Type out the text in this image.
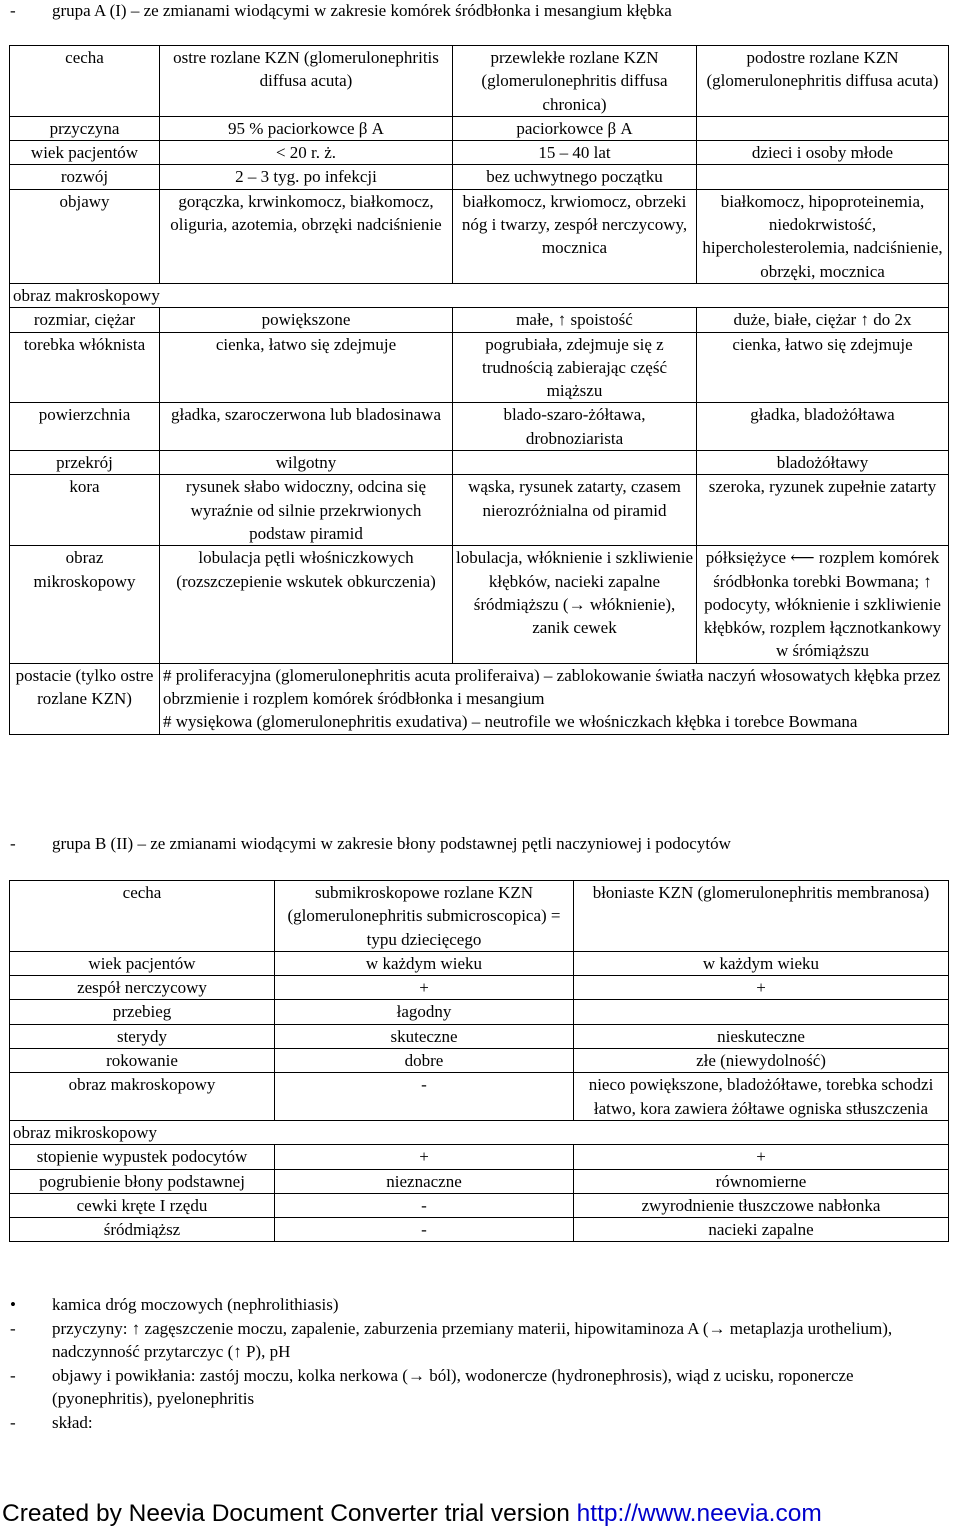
- grupa A (I) – ze zmianami wiodącymi w zakresie komórek śródbłonka i mesangium kłębka
cecha	ostre rozlane KZN (glomerulonephritis diffusa acuta)	przewlekłe rozlane KZN (glomerulonephritis diffusa chronica)	podostre rozlane KZN (glomerulonephritis diffusa acuta)
przyczyna	95 % paciorkowce β A	paciorkowce β A	
wiek pacjentów	< 20 r. ż.	15 – 40 lat	dzieci i osoby młode
rozwój	2 – 3 tyg. po infekcji	bez uchwytnego początku	
objawy	gorączka, krwinkomocz, białkomocz, oliguria, azotemia, obrzęki nadciśnienie	białkomocz, krwiomocz, obrzeki nóg i twarzy, zespół nerczycowy, mocznica	białkomocz, hipoproteinemia, niedokrwistość, hipercholesterolemia, nadciśnienie, obrzęki, mocznica
obraz makroskopowy			
rozmiar, ciężar	powiększone	małe, ↑ spoistość	duże, białe, ciężar ↑ do 2x
torebka włóknista	cienka, łatwo się zdejmuje	pogrubiała, zdejmuje się z trudnością zabierając część miąższu	cienka, łatwo się zdejmuje
powierzchnia	gładka, szaroczerwona lub bladosinawa	blado-szaro-żółtawa, drobnoziarista	gładka, bladożółtawa
przekrój	wilgotny		bladożółtawy
kora	rysunek słabo widoczny, odcina się wyraźnie od silnie przekrwionych podstaw piramid	wąska, rysunek zatarty, czasem nierozróżnialna od piramid	szeroka, ryzunek zupełnie zatarty
obraz mikroskopowy	lobulacja pętli włośniczkowych (rozszczepienie wskutek obkurczenia)	lobulacja, włóknienie i szkliwienie kłębków, nacieki zapalne śródmiąższu (→ włóknienie), zanik cewek	półksiężyce ⟵ rozplem komórek śródbłonka torebki Bowmana; ↑ podocyty, włóknienie i szkliwienie kłębków, rozplem łącznotkankowy w śrómiąższu
postacie (tylko ostre rozlane KZN)	# proliferacyjna (glomerulonephritis acuta proliferaiva) – zablokowanie światła naczyń włosowatych kłębka przez obrzmienie i rozplem komórek śródbłonka i mesangium
# wysiękowa (glomerulonephritis exudativa) – neutrofile we włośniczkach kłębka i torebce Bowmana		
- grupa B (II) – ze zmianami wiodącymi w zakresie błony podstawnej pętli naczyniowej i podocytów
cecha	submikroskopowe rozlane KZN (glomerulonephritis submicroscopica) = typu dziecięcego	błoniaste KZN (glomerulonephritis membranosa)
wiek pacjentów	w każdym wieku	w każdym wieku
zespół nerczycowy	+	+
przebieg	łagodny	
sterydy	skuteczne	nieskuteczne
rokowanie	dobre	złe (niewydolność)
obraz makroskopowy	-	nieco powiększone, bladożółtawe, torebka schodzi łatwo, kora zawiera żółtawe ogniska stłuszczenia
obraz mikroskopowy		
stopienie wypustek podocytów	+	+
pogrubienie błony podstawnej	nieznaczne	równomierne
cewki kręte I rzędu	-	zwyrodnienie tłuszczowe nabłonka
śródmiąższ	-	nacieki zapalne
• kamica dróg moczowych (nephrolithiasis)
- przyczyny: ↑ zagęszczenie moczu, zapalenie, zaburzenia przemiany materii, hipowitaminoza A (→ metaplazja urothelium), nadczynność przytarczyc (↑ P), pH
- objawy i powikłania: zastój moczu, kolka nerkowa (→ ból), wodonercze (hydronephrosis), wiąd z ucisku, roponercze (pyonephritis), pyelonephritis
- skład:
Created by Neevia Document Converter trial version http://www.neevia.com
